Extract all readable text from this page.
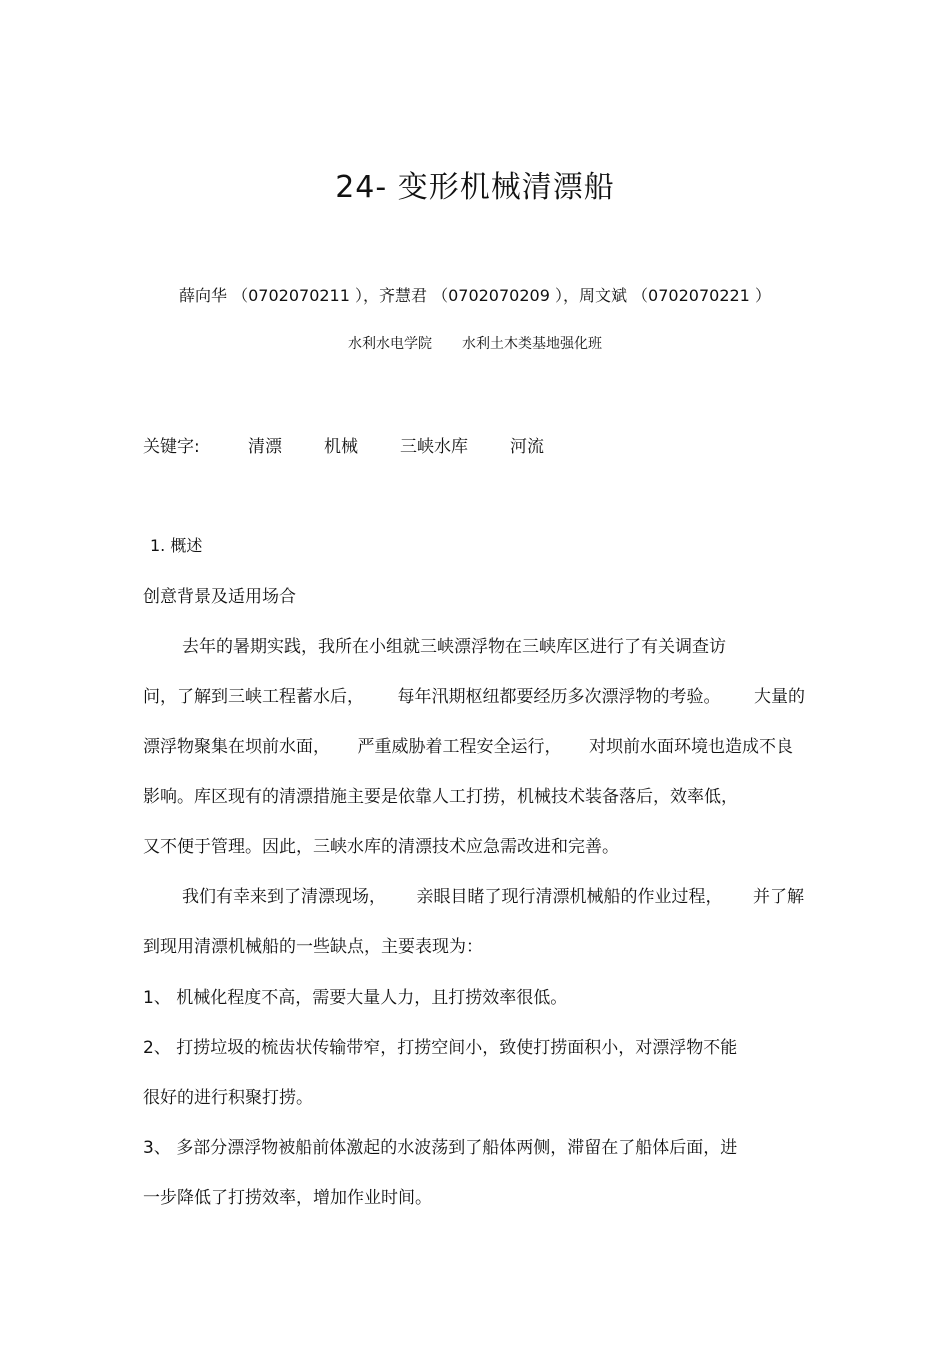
24- 变形机械清漂船
薛向华 （0702070211 ），齐慧君 （0702070209 ），周文斌 （0702070221 ）
水利水电学院 水利土木类基地强化班
关键字:	清漂 机械 三峡水库 河流
1. 概述
创意背景及适用场合
去年的暑期实践，我所在小组就三峡漂浮物在三峡库区进行了有关调查访
问，了解到三峡工程蓄水后， 每年汛期枢纽都要经历多次漂浮物的考验。 大量的
漂浮物聚集在坝前水面， 严重威胁着工程安全运行， 对坝前水面环境也造成不良
影响。库区现有的清漂措施主要是依靠人工打捞，机械技术装备落后，效率低，
又不便于管理。因此，三峡水库的清漂技术应急需改进和完善。
我们有幸来到了清漂现场， 亲眼目睹了现行清漂机械船的作业过程， 并了解
到现用清漂机械船的一些缺点，主要表现为：
1、 机械化程度不高，需要大量人力，且打捞效率很低。
2、 打捞垃圾的梳齿状传输带窄，打捞空间小，致使打捞面积小，对漂浮物不能
很好的进行积聚打捞。
3、 多部分漂浮物被船前体激起的水波荡到了船体两侧，滞留在了船体后面，进
一步降低了打捞效率，增加作业时间。
